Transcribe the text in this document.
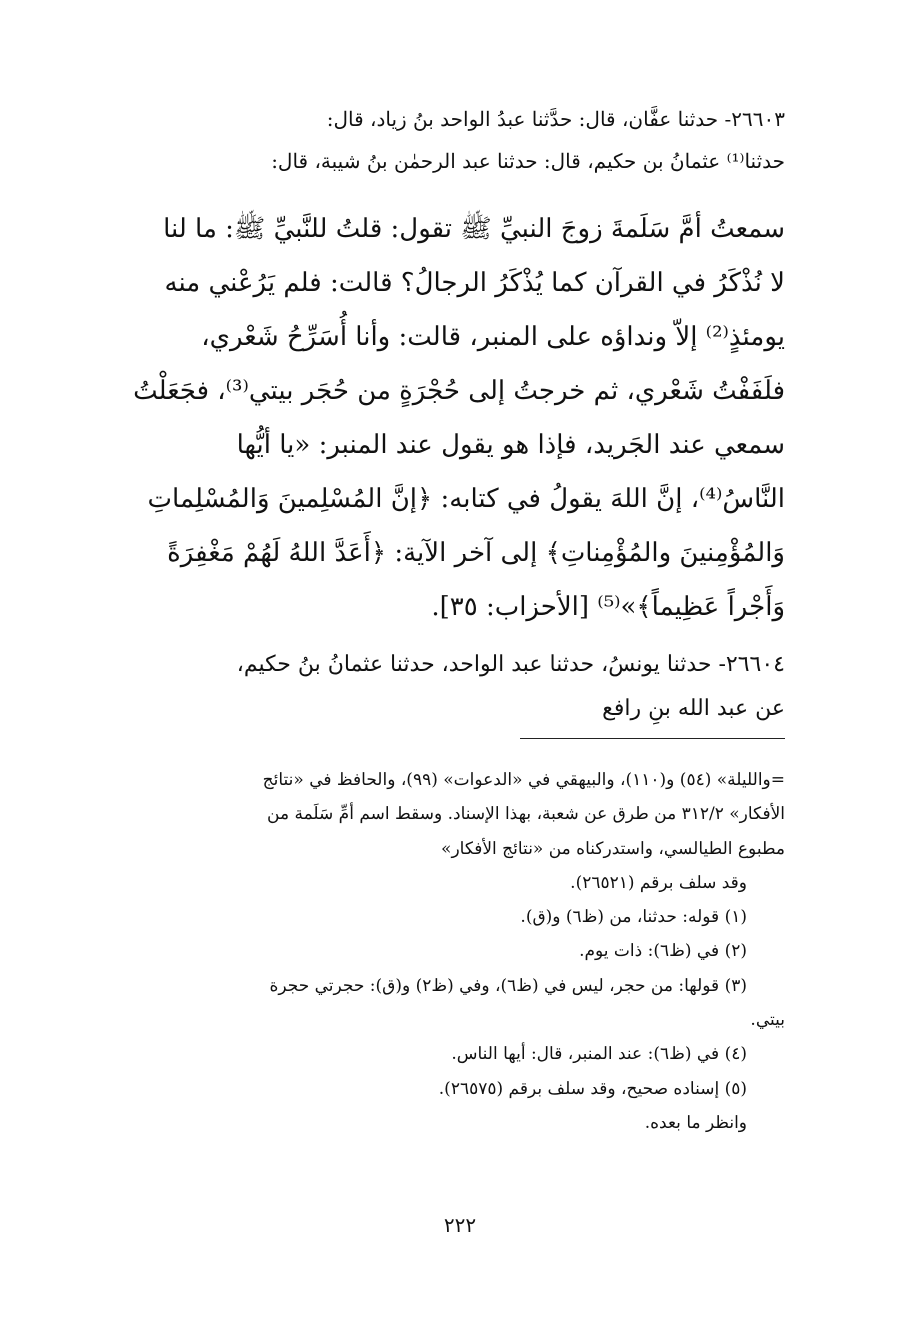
٢٦٦٠٣- حدثنا عفَّان، قال: حدَّثنا عبدُ الواحد بنُ زياد، قال:
حدثنا⁽¹⁾ عثمانُ بن حكيم، قال: حدثنا عبد الرحمٰن بنُ شيبة، قال:
سمعتُ أمَّ سَلَمةَ زوجَ النبيِّ ﷺ تقول: قلتُ للنَّبيِّ ﷺ: ما لنا
لا نُذْكَرُ في القرآن كما يُذْكَرُ الرجالُ؟ قالت: فلم يَرُعْني منه
يومئذٍ⁽²⁾ إلاّ ونداؤه على المنبر، قالت: وأنا أُسَرِّحُ شَعْري،
فلَفَفْتُ شَعْري، ثم خرجتُ إلى حُجْرَةٍ من حُجَر بيتي⁽³⁾، فجَعَلْتُ
سمعي عند الجَريد، فإذا هو يقول عند المنبر: «يا أيُّها
النَّاسُ⁽⁴⁾، إنَّ اللهَ يقولُ في كتابه: ﴿إنَّ المُسْلِمينَ وَالمُسْلِماتِ
وَالمُؤْمِنينَ والمُؤْمِناتِ﴾ إلى آخر الآية: ﴿أَعَدَّ اللهُ لَهُمْ مَغْفِرَةً
وَأَجْراً عَظِيماً﴾»⁽⁵⁾ [الأحزاب: ٣٥].
٢٦٦٠٤- حدثنا يونسُ، حدثنا عبد الواحد، حدثنا عثمانُ بنُ حكيم،
عن عبد الله بنِ رافع
=والليلة» (٥٤) و(١١٠)، والبيهقي في «الدعوات» (٩٩)، والحافظ في «نتائج
الأفكار» ٣١٢/٢ من طرق عن شعبة، بهذا الإسناد. وسقط اسم أمِّ سَلَمة من
مطبوع الطيالسي، واستدركناه من «نتائج الأفكار»
وقد سلف برقم (٢٦٥٢١).
(١) قوله: حدثنا، من (ظ٦) و(ق).
(٢) في (ظ٦): ذات يوم.
(٣) قولها: من حجر، ليس في (ظ٦)، وفي (ظ٢) و(ق): حجرتي حجرة
بيتي.
(٤) في (ظ٦): عند المنبر، قال: أيها الناس.
(٥) إسناده صحيح، وقد سلف برقم (٢٦٥٧٥).
وانظر ما بعده.
٢٢٢
